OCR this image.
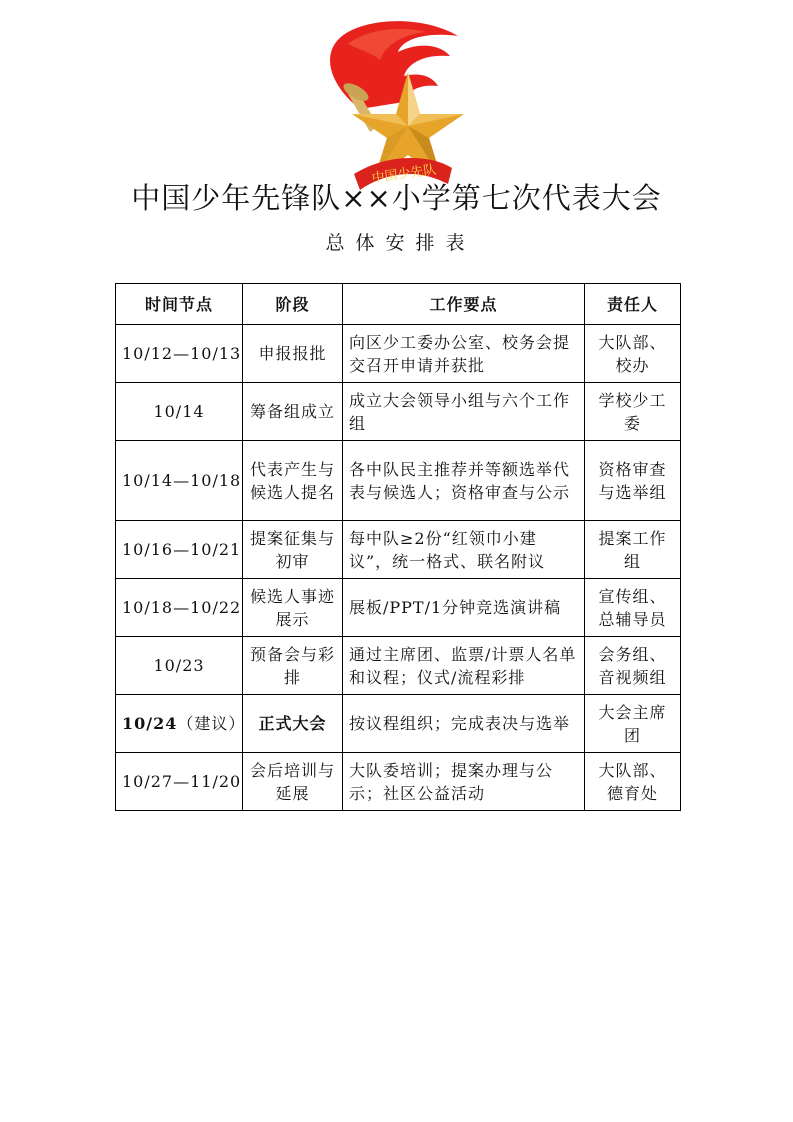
中国少先队
中国少年先锋队××小学第七次代表大会
总体安排表
时间节点	阶段	工作要点	责任人
10/12—10/13	申报报批	向区少工委办公室、校务会提交召开申请并获批	大队部、校办
10/14	筹备组成立	成立大会领导小组与六个工作组	学校少工委
10/14—10/18	代表产生与候选人提名	各中队民主推荐并等额选举代表与候选人；资格审查与公示	资格审查与选举组
10/16—10/21	提案征集与初审	每中队≥2份“红领巾小建议”，统一格式、联名附议	提案工作组
10/18—10/22	候选人事迹展示	展板/PPT/1分钟竞选演讲稿	宣传组、总辅导员
10/23	预备会与彩排	通过主席团、监票/计票人名单和议程；仪式/流程彩排	会务组、音视频组
10/24（建议）	正式大会	按议程组织；完成表决与选举	大会主席团
10/27—11/20	会后培训与延展	大队委培训；提案办理与公示；社区公益活动	大队部、德育处
